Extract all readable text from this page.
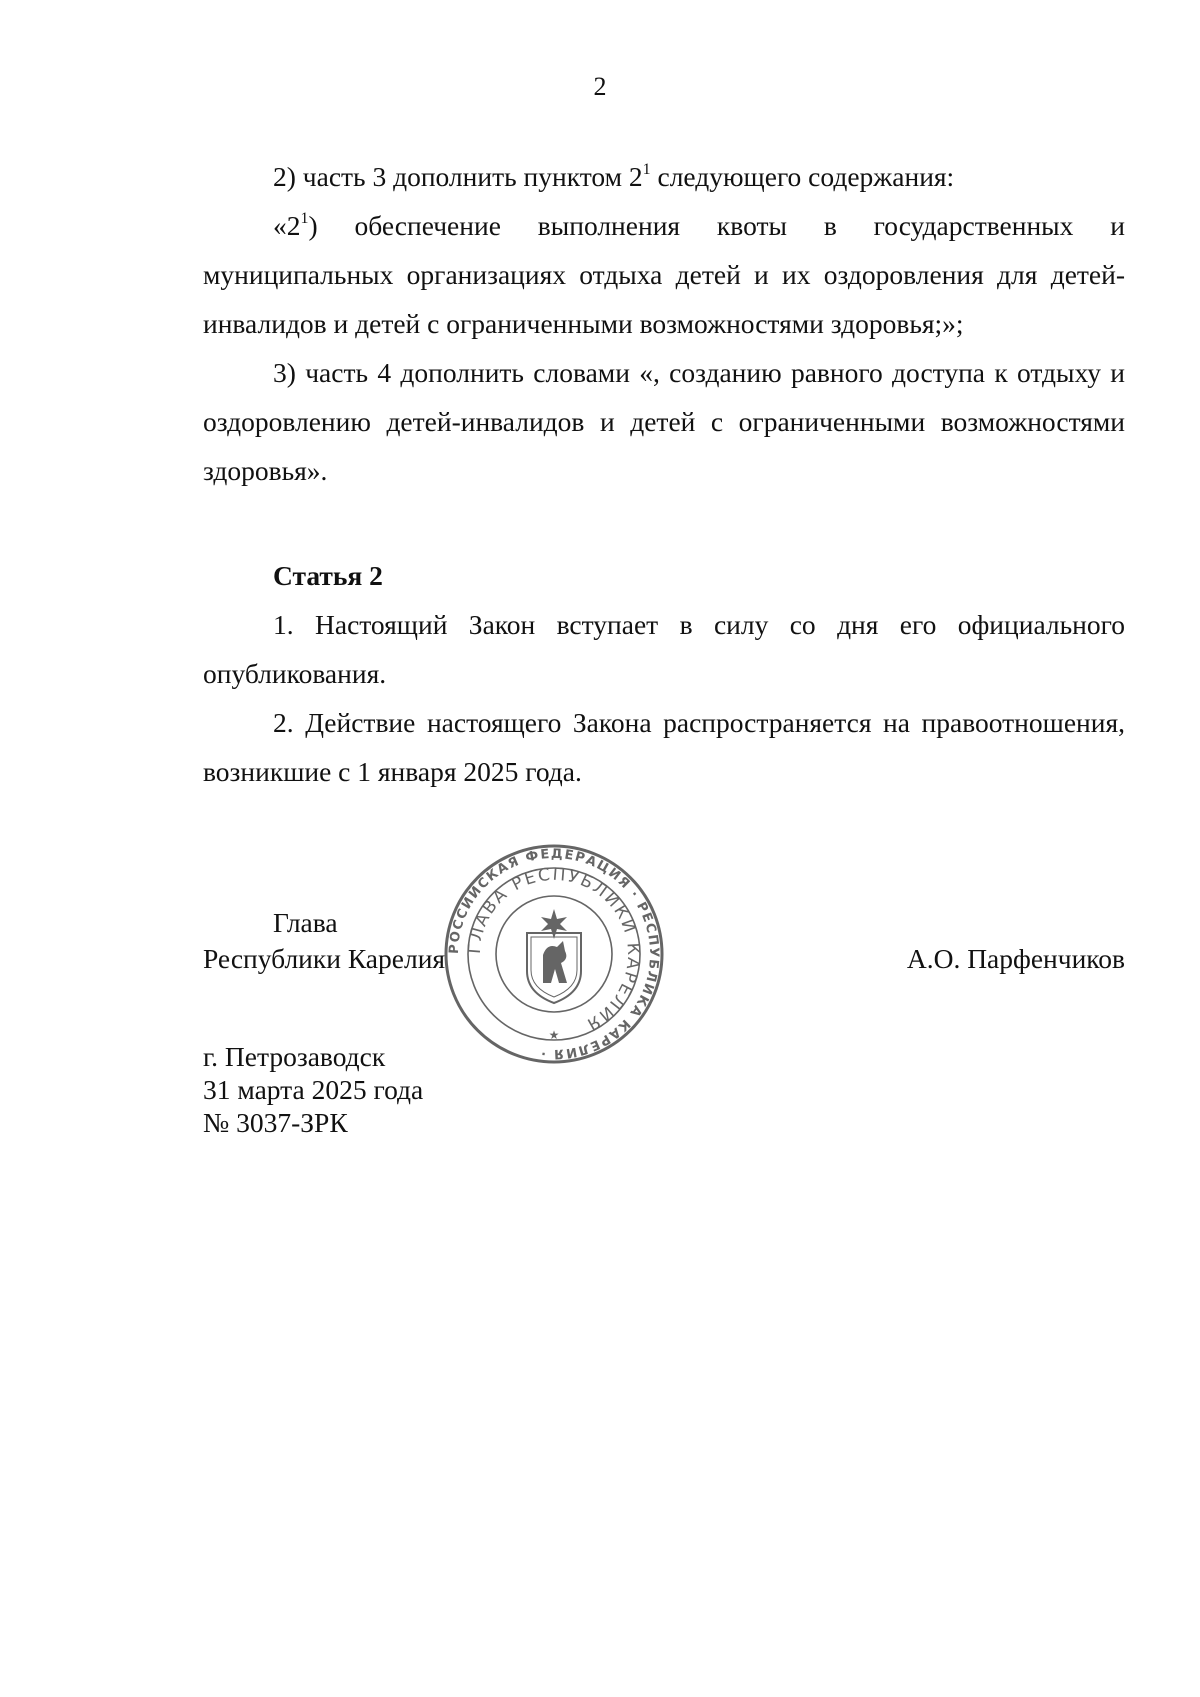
2

2) часть 3 дополнить пунктом $2^1$ следующего содержания:

«$2^1$) обеспечение выполнения квоты в государственных и муниципальных организациях отдыха детей и их оздоровления для детей-инвалидов и детей с ограниченными возможностями здоровья;»;

3) часть 4 дополнить словами «, созданию равного доступа к отдыху и оздоровлению детей-инвалидов и детей с ограниченными возможностями здоровья».

Статья 2

1. Настоящий Закон вступает в силу со дня его официального опубликования.

2. Действие настоящего Закона распространяется на правоотношения, возникшие с 1 января 2025 года.

Глава
Республики Карелия	А.О. Парфенчиков
РОССИЙСКАЯ ФЕДЕРАЦИЯ · РЕСПУБЛИКА КАРЕЛИЯ ·
ГЛАВА РЕСПУБЛИКИ КАРЕЛИЯ
★
г. Петрозаводск
31 марта 2025 года
№ 3037-ЗРК
